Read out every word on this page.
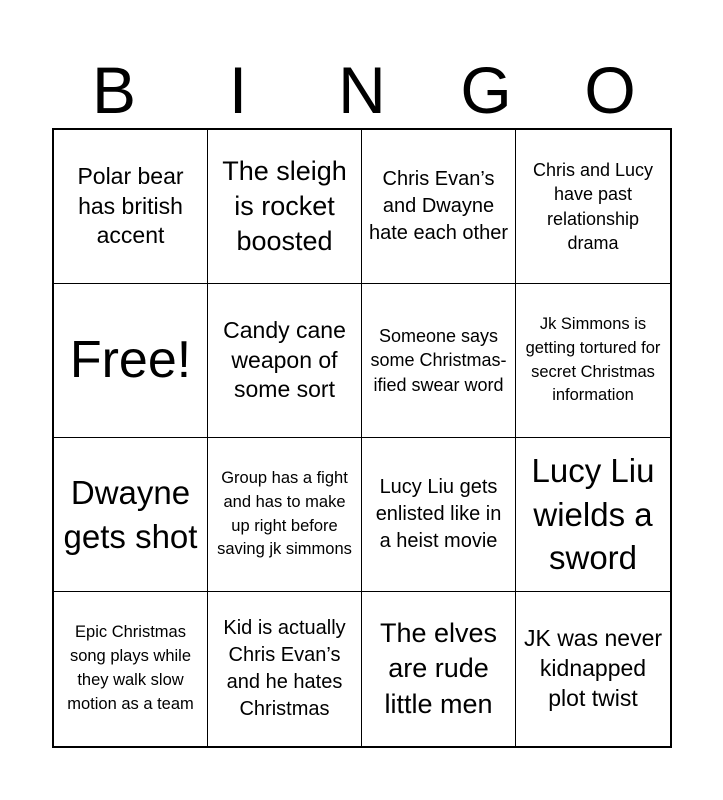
B	I	N	G	O
Polar bear has british accent
The sleigh is rocket boosted
Chris Evan’s and Dwayne hate each other
Chris and Lucy have past relationship drama
Free!
Candy cane weapon of some sort
Someone says some Christmas-ified swear word
Jk Simmons is getting tortured for secret Christmas information
Dwayne gets shot
Group has a fight and has to make up right before saving jk simmons
Lucy Liu gets enlisted like in a heist movie
Lucy Liu wields a sword
Epic Christmas song plays while they walk slow motion as a team
Kid is actually Chris Evan’s and he hates Christmas
The elves are rude little men
JK was never kidnapped plot twist
